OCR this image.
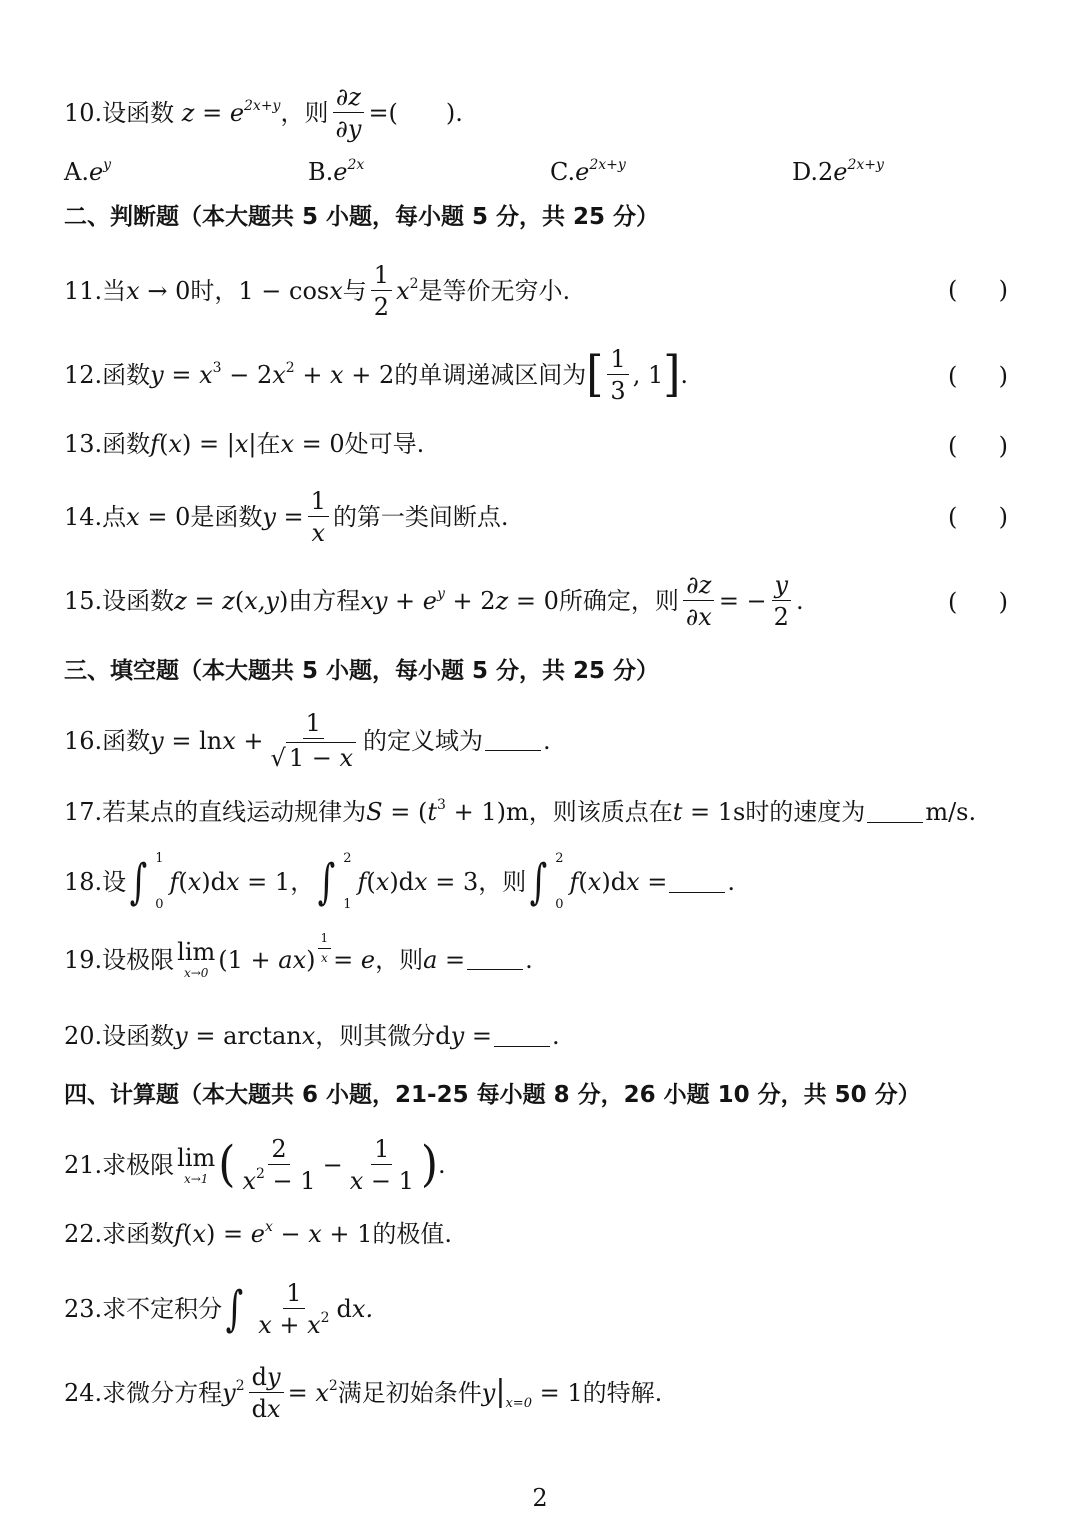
10.设函数 $z = e^{2x+y}$ ，则 $\frac{\partial z}{\partial y}$ =(　　).
$A.e^y$	$B.e^{2x}$	$C.e^{2x+y}$	$D.2e^{2x+y}$
二、判断题（本大题共 5 小题，每小题 5 分，共 25 分）
11.当 x → 0 时， 1 − cosx 与 $\frac{1}{2} x^2$ 是等价无穷小.	( )
12.函数 $y = x^3 - 2x^2 + x + 2$ 的单调递减区间为 [ $\frac{1}{3}$ , 1 ] .	( )
13.函数 f(x) = |x| 在 x = 0 处可导.	( )
14.点 x = 0 是函数 $y = \frac{1}{x}$ 的第一类间断点.	( )
15.设函数 z = z(x,y) 由方程 xy + $e^y + 2z = 0$ 所确定，则 $\frac{\partial z}{\partial x}$ = − $\frac{y}{2}$ .	( )
三、填空题（本大题共 5 小题，每小题 5 分，共 25 分）
16.函数 $y = \ln x + \frac{1}{√ 1 - x}$ 的定义域为	.
17.若某点的直线运动规律为 $S = (t^3 + 1)m$ ，则该质点在 t = 1s 时的速度为	m/s.
18.设 ∫ 1
0
f(x)dx = 1 ， ∫ 2
1
f(x)dx = 3 ，则 ∫ 2
0
f(x)dx =	.
19.设极限 lim
x→0 $(1 + ax) \frac{1}{x} = e$ ，则 a =	.
20.设函数 y = arctanx ，则其微分 dy =	.
四、计算题（本大题共 6 小题，21-25 每小题 8 分，26 小题 10 分，共 50 分）
21.求极限 lim
x→1 ( $\frac{2}{x^2 - 1} - \frac{1}{x - 1}$ ) .
22.求函数 $f(x) = e^x - x + 1$ 的极值.
23.求不定积分 ∫ $\frac{1}{x + x^2}$ dx.
24.求微分方程 $y^2 \frac{dy}{dx} = x^2$ 满足初始条件 $y|_{x=0} = 1$ 的特解.
2
